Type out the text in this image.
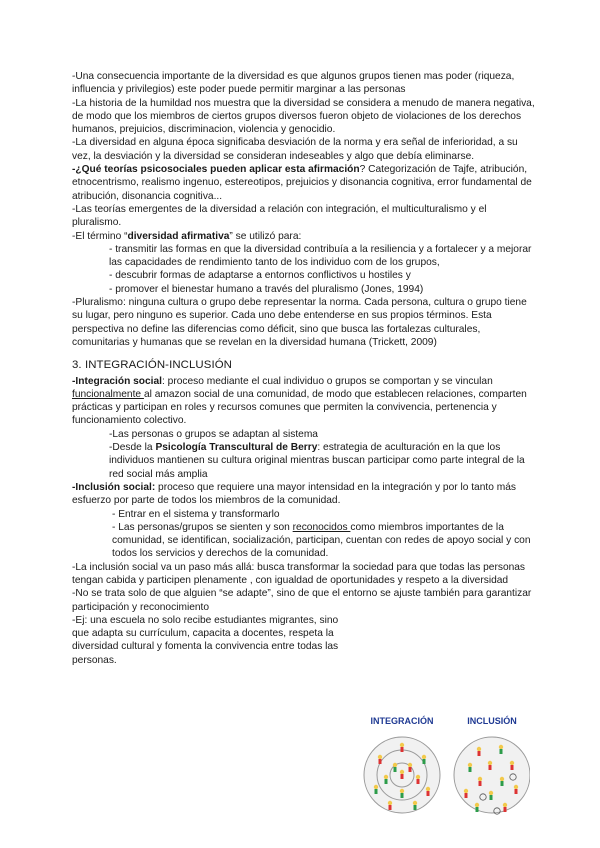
-Una consecuencia importante de la diversidad es que algunos grupos tienen mas poder (riqueza, influencia y privilegios) este poder puede permitir marginar a las personas

-La historia de la humildad nos muestra que la diversidad se considera a menudo de manera negativa, de modo que los miembros de ciertos grupos diversos fueron objeto de violaciones de los derechos humanos, prejuicios, discriminacion, violencia y genocidio.

-La diversidad en alguna época significaba desviación de la norma y era señal de inferioridad, a su vez, la desviación y la diversidad se consideran indeseables y algo que debía eliminarse.

-¿Qué teorías psicosociales pueden aplicar esta afirmación? Categorización de Tajfe, atribución, etnocentrismo, realismo ingenuo, estereotipos, prejuicios y disonancia cognitiva, error fundamental de atribución, disonancia cognitiva...

-Las teorías emergentes de la diversidad a relación con integración, el multiculturalismo y el pluralismo.

-El término “diversidad afirmativa” se utilizó para:

- transmitir las formas en que la diversidad contribuía a la resiliencia y a fortalecer y a mejorar las capacidades de rendimiento tanto de los individuo com de los grupos,

- descubrir formas de adaptarse a entornos conflictivos u hostiles y

- promover el bienestar humano a través del pluralismo (Jones, 1994)

-Pluralismo: ninguna cultura o grupo debe representar la norma. Cada persona, cultura o grupo tiene su lugar, pero ninguno es superior. Cada uno debe entenderse en sus propios términos. Esta perspectiva no define las diferencias como déficit, sino que busca las fortalezas culturales, comunitarias y humanas que se revelan en la diversidad humana (Trickett, 2009)

3. INTEGRACIÓN-INCLUSIÓN

-Integración social: proceso mediante el cual individuo o grupos se comportan y se vinculan funcionalmente al amazon social de una comunidad, de modo que establecen relaciones, comparten prácticas y participan en roles y recursos comunes que permiten la convivencia, pertenencia y funcionamiento colectivo.

-Las personas o grupos se adaptan al sistema

-Desde la Psicología Transcultural de Berry: estrategia de aculturación en la que los individuos mantienen su cultura original mientras buscan participar como parte integral de la red social más amplia

-Inclusión social: proceso que requiere una mayor intensidad en la integración y por lo tanto más esfuerzo por parte de todos los miembros de la comunidad.

- Entrar en el sistema y transformarlo

- Las personas/grupos se sienten y son reconocidos como miembros importantes de la comunidad, se identifican, socialización, participan, cuentan con redes de apoyo social y con todos los servicios y derechos de la comunidad.

-La inclusión social va un paso más allá: busca transformar la sociedad para que todas las personas tengan cabida y participen plenamente , con igualdad de oportunidades y respeto a la diversidad

-No se trata solo de que alguien “se adapte”, sino de que el entorno se ajuste también para garantizar participación y reconocimiento

-Ej: una escuela no solo recibe estudiantes migrantes, sino que adapta su currículum, capacita a docentes, respeta la diversidad cultural y fomenta la convivencia entre todas las personas.

INTEGRACIÓN	INCLUSIÓN
